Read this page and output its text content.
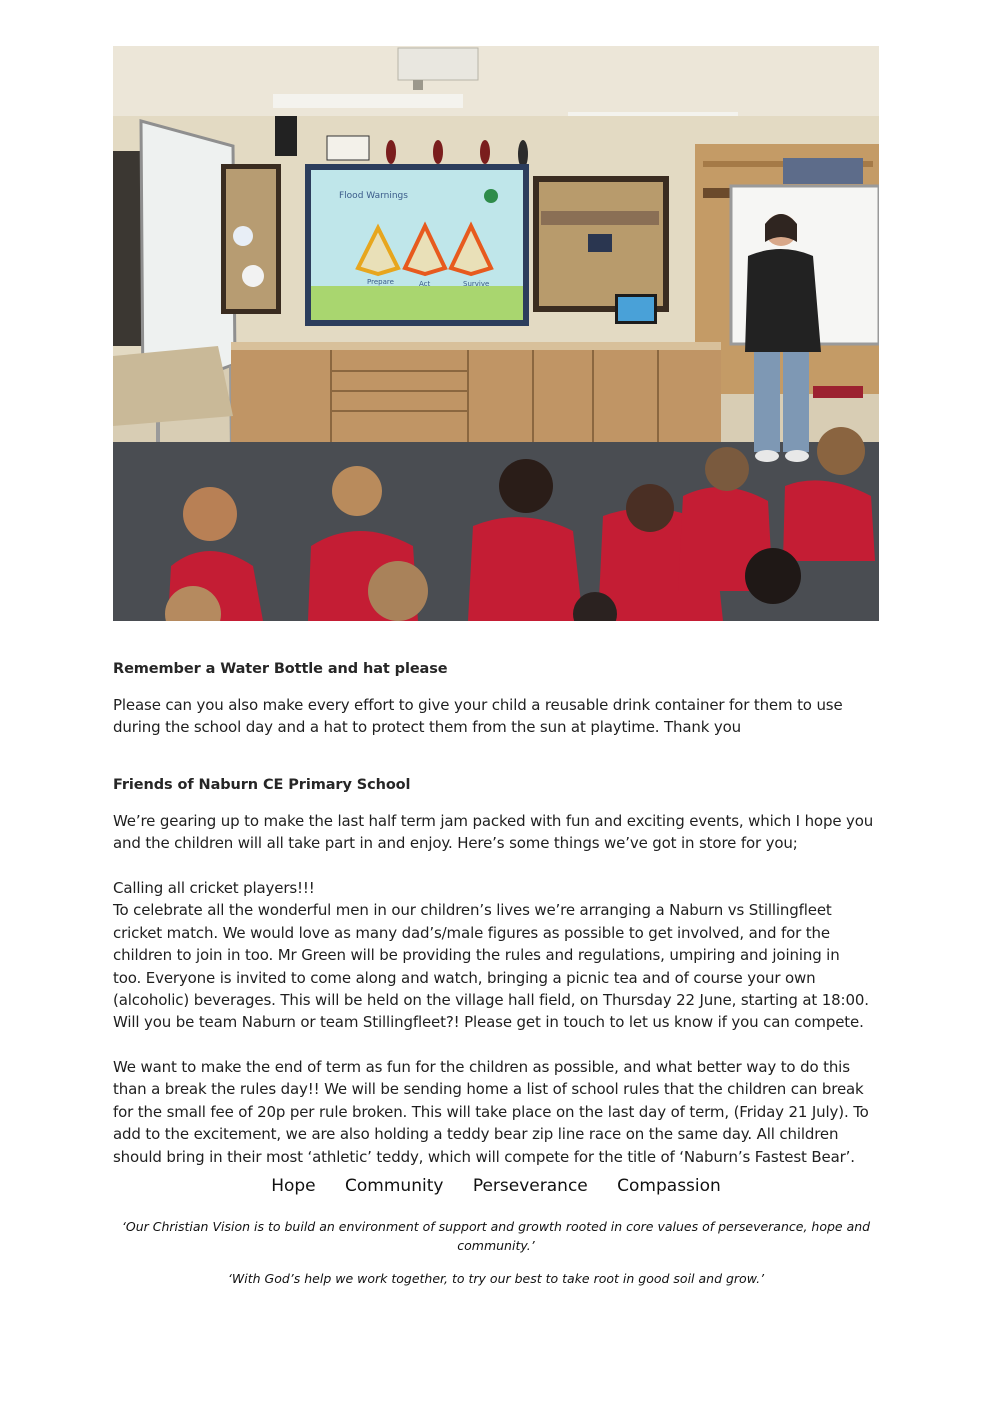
Flood Warnings
Prepare	Act	Survive
Remember a Water Bottle and hat please

Please can you also make every effort to give your child a reusable drink container for them to use

during the school day and a hat to protect them from the sun at playtime. Thank you

Friends of Naburn CE Primary School

We’re gearing up to make the last half term jam packed with fun and exciting events, which I hope you

and the children will all take part in and enjoy. Here’s some things we’ve got in store for you;

Calling all cricket players!!!

To celebrate all the wonderful men in our children’s lives we’re arranging a Naburn vs Stillingfleet

cricket match. We would love as many dad’s/male figures as possible to get involved, and for the

children to join in too. Mr Green will be providing the rules and regulations, umpiring and joining in

too. Everyone is invited to come along and watch, bringing a picnic tea and of course your own

(alcoholic) beverages. This will be held on the village hall field, on Thursday 22 June, starting at 18:00.

Will you be team Naburn or team Stillingfleet?! Please get in touch to let us know if you can compete.

We want to make the end of term as fun for the children as possible, and what better way to do this

than a break the rules day!! We will be sending home a list of school rules that the children can break

for the small fee of 20p per rule broken. This will take place on the last day of term, (Friday 21 July). To

add to the excitement, we are also holding a teddy bear zip line race on the same day. All children

should bring in their most ‘athletic’ teddy, which will compete for the title of ‘Naburn’s Fastest Bear’.

Hope Community Perseverance Compassion
‘Our Christian Vision is to build an environment of support and growth rooted in core values of perseverance, hope and community.’
‘With God’s help we work together, to try our best to take root in good soil and grow.’
